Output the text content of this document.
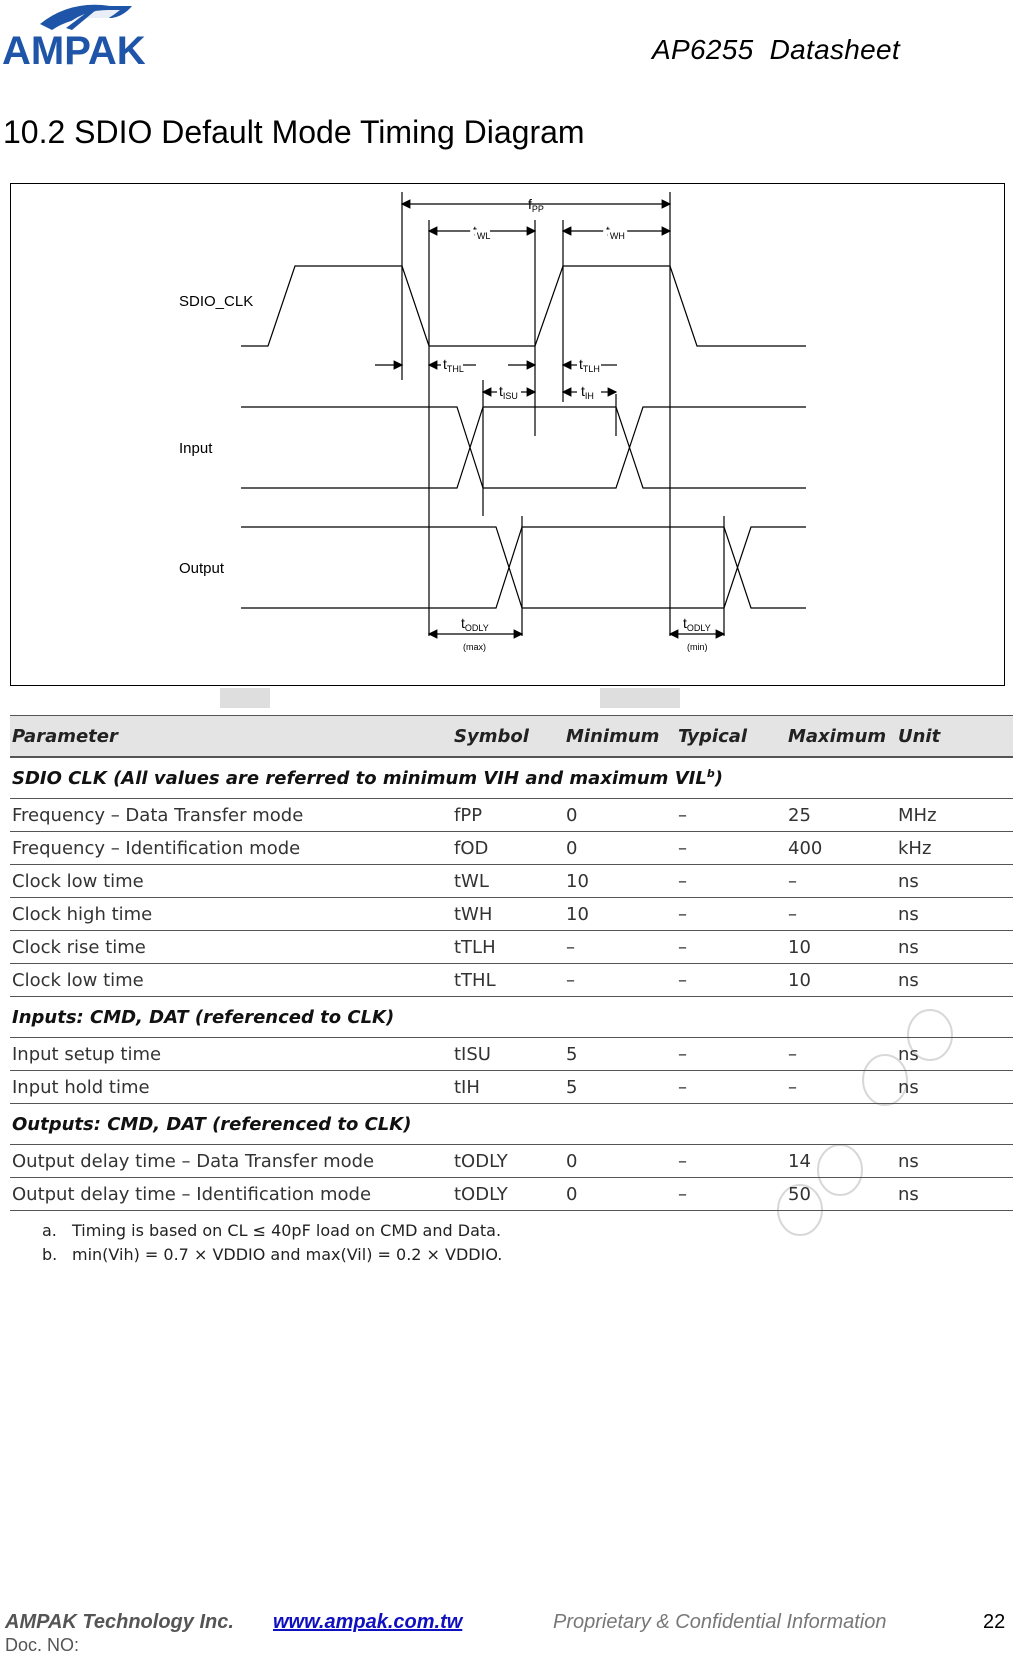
AMPAK	AP6255  Datasheet
10.2 SDIO Default Mode Timing Diagram
SDIO_CLK
Input
Output
$f_{PP}$
$t_{WL}$	$t_{WH}$
$t_{THL}$	$t_{TLH}$
$t_{ISU}$	$t_{IH}$
$t_{ODLY}$
(max)
$t_{ODLY}$
(min)
Parameter	Symbol	Minimum	Typical	Maximum	Unit
SDIO CLK (All values are referred to minimum VIH and maximum VIL$^b$)					
Frequency – Data Transfer mode	fPP	0	–	25	MHz
Frequency – Identification mode	fOD	0	–	400	kHz
Clock low time	tWL	10	–	–	ns
Clock high time	tWH	10	–	–	ns
Clock rise time	tTLH	–	–	10	ns
Clock low time	tTHL	–	–	10	ns
Inputs: CMD, DAT (referenced to CLK)					
Input setup time	tISU	5	–	–	ns
Input hold time	tIH	5	–	–	ns
Outputs: CMD, DAT (referenced to CLK)					
Output delay time – Data Transfer mode	tODLY	0	–	14	ns
Output delay time – Identification mode	tODLY	0	–	50	ns
a. Timing is based on CL ≤ 40pF load on CMD and Data.
b. min(Vih) = 0.7 × VDDIO and max(Vil) = 0.2 × VDDIO.
AMPAK Technology Inc. www.ampak.com.tw	Proprietary & Confidential Information	22
Doc. NO:
